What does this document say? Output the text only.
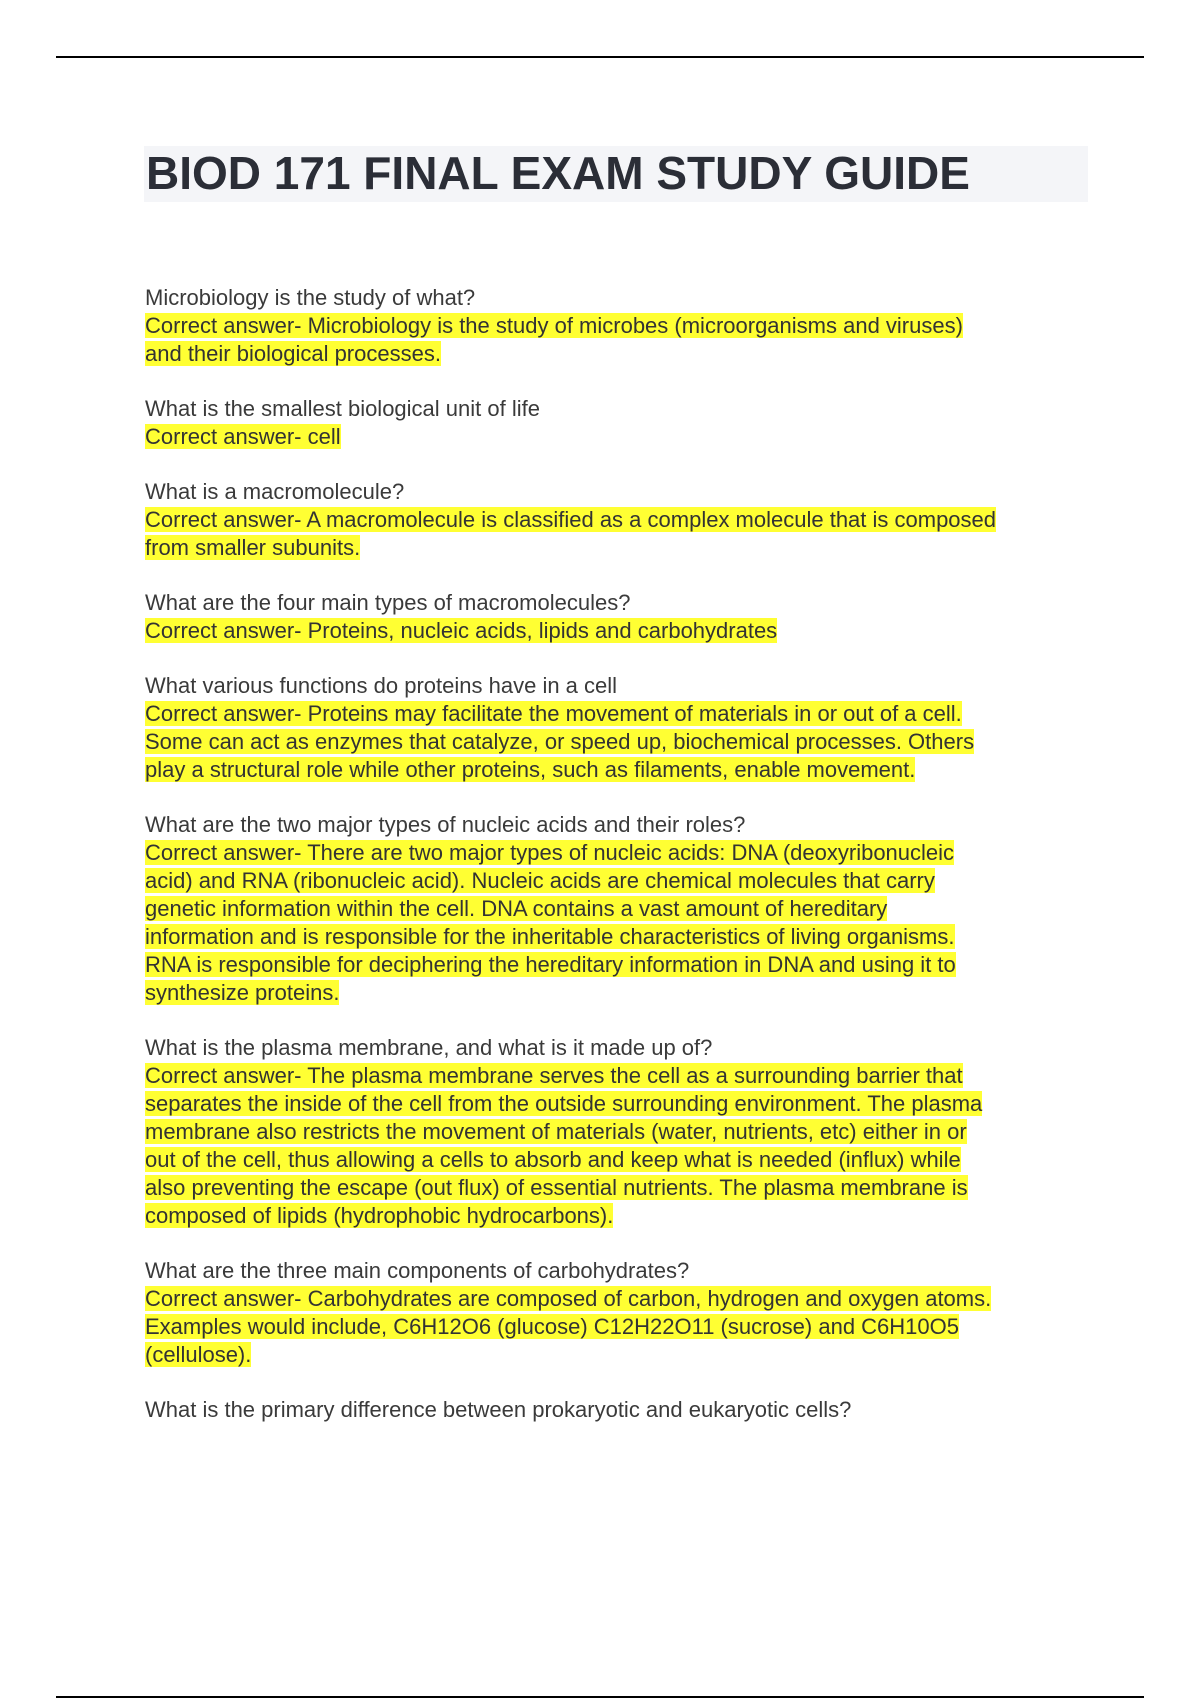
BIOD 171 FINAL EXAM STUDY GUIDE
Microbiology is the study of what?
Correct answer- Microbiology is the study of microbes (microorganisms and viruses)
and their biological processes.
What is the smallest biological unit of life
Correct answer- cell
What is a macromolecule?
Correct answer- A macromolecule is classified as a complex molecule that is composed
from smaller subunits.
What are the four main types of macromolecules?
Correct answer- Proteins, nucleic acids, lipids and carbohydrates
What various functions do proteins have in a cell
Correct answer- Proteins may facilitate the movement of materials in or out of a cell.
Some can act as enzymes that catalyze, or speed up, biochemical processes. Others
play a structural role while other proteins, such as filaments, enable movement.
What are the two major types of nucleic acids and their roles?
Correct answer- There are two major types of nucleic acids: DNA (deoxyribonucleic
acid) and RNA (ribonucleic acid). Nucleic acids are chemical molecules that carry
genetic information within the cell. DNA contains a vast amount of hereditary
information and is responsible for the inheritable characteristics of living organisms.
RNA is responsible for deciphering the hereditary information in DNA and using it to
synthesize proteins.
What is the plasma membrane, and what is it made up of?
Correct answer- The plasma membrane serves the cell as a surrounding barrier that
separates the inside of the cell from the outside surrounding environment. The plasma
membrane also restricts the movement of materials (water, nutrients, etc) either in or
out of the cell, thus allowing a cells to absorb and keep what is needed (influx) while
also preventing the escape (out flux) of essential nutrients. The plasma membrane is
composed of lipids (hydrophobic hydrocarbons).
What are the three main components of carbohydrates?
Correct answer- Carbohydrates are composed of carbon, hydrogen and oxygen atoms.
Examples would include, C6H12O6 (glucose) C12H22O11 (sucrose) and C6H10O5
(cellulose).
What is the primary difference between prokaryotic and eukaryotic cells?
